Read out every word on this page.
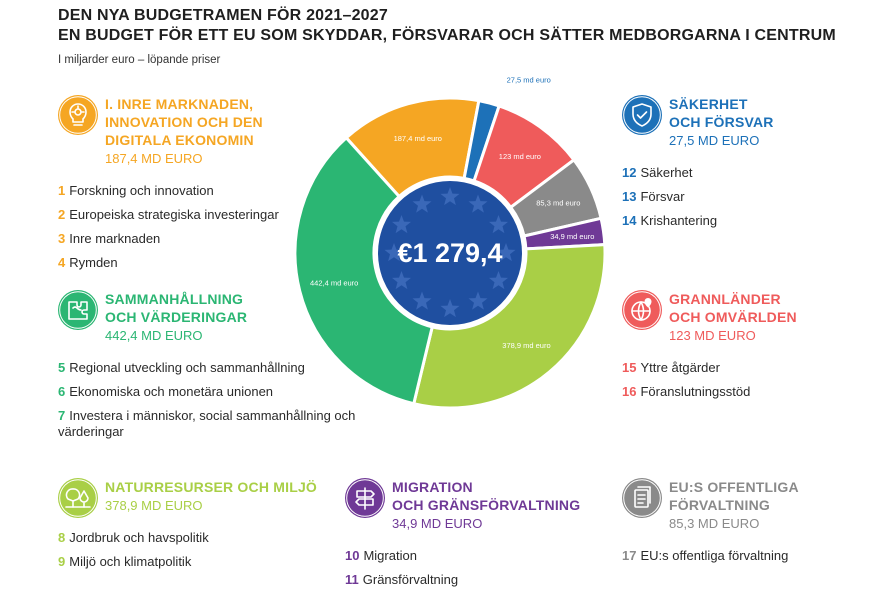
DEN NYA BUDGETRAMEN FÖR 2021–2027
EN BUDGET FÖR ETT EU SOM SKYDDAR, FÖRSVARAR OCH SÄTTER MEDBORGARNA I CENTRUM
I miljarder euro – löpande priser
I. INRE MARKNADEN,
INNOVATION OCH DEN
DIGITALA EKONOMIN
187,4 MD EURO
1 Forskning och innovation
2 Europeiska strategiska investeringar
3 Inre marknaden
4 Rymden
SAMMANHÅLLNING
OCH VÄRDERINGAR
442,4 MD EURO
5 Regional utveckling och sammanhållning
6 Ekonomiska och monetära unionen
7 Investera i människor, social sammanhållning och värderingar
NATURRESURSER OCH MILJÖ
378,9 MD EURO
8 Jordbruk och havspolitik
9 Miljö och klimatpolitik
MIGRATION
OCH GRÄNSFÖRVALTNING
34,9 MD EURO
10 Migration
11 Gränsförvaltning
SÄKERHET
OCH FÖRSVAR
27,5 MD EURO
12 Säkerhet
13 Försvar
14 Krishantering
GRANNLÄNDER
OCH OMVÄRLDEN
123 MD EURO
15 Yttre åtgärder
16 Föranslutningsstöd
EU:S OFFENTLIGA
FÖRVALTNING
85,3 MD EURO
17 EU:s offentliga förvaltning
187,4 md euro
27,5 md euro
123 md euro
85,3 md euro
34,9 md euro
378,9 md euro
442,4 md euro
€1 279,4
